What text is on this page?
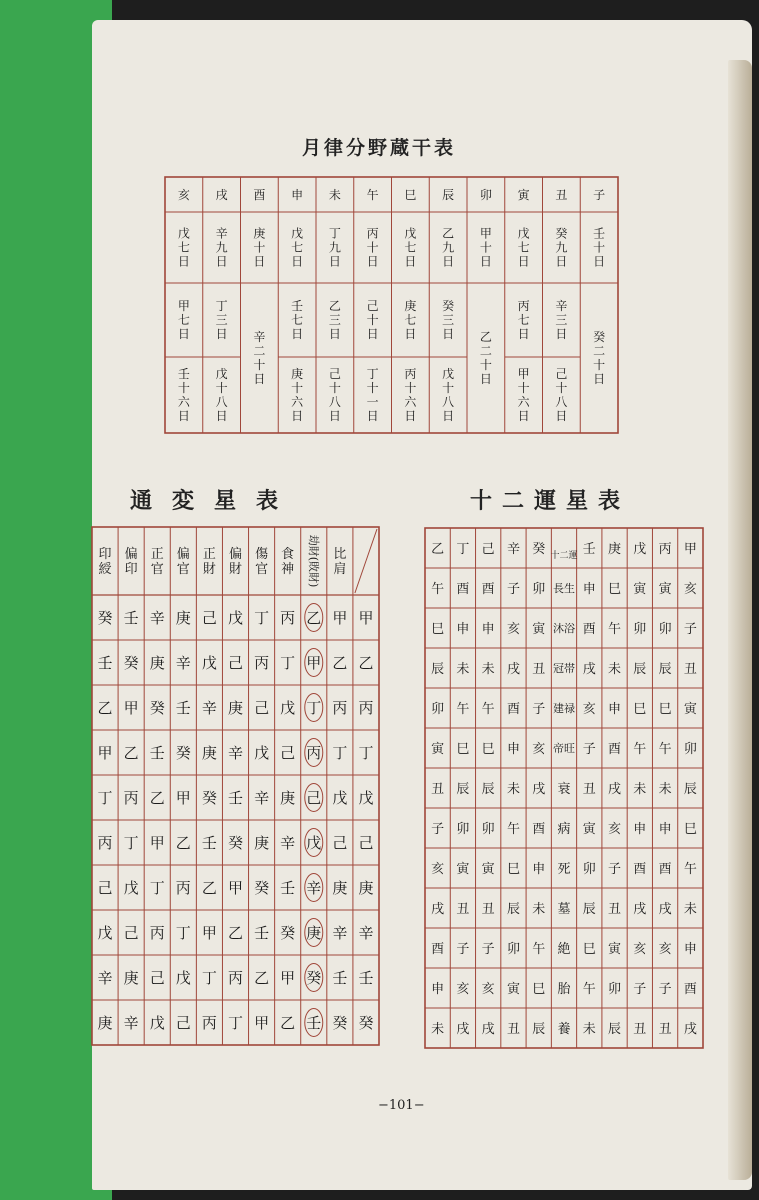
月律分野蔵干表
通変星表	十二運星表
−101−
亥
戊七日
甲七日
壬十六日
戌
辛九日
丁三日
戊十八日
酉
庚十日
辛二十日
申
戊七日
壬七日
庚十六日
未
丁九日
乙三日
己十八日
午
丙十日
己十日
丁十一日
巳
戊七日
庚七日
丙十六日
辰
乙九日
癸三日
戊十八日
卯
甲十日
乙二十日
寅
戊七日
丙七日
甲十六日
丑
癸九日
辛三日
己十八日
子
壬十日
癸二十日
印綬
偏印
正官
偏官
正財
偏財
傷官
食神 劫財(敗財) 比肩
癸 壬 辛 庚 己 戊 丁 丙 乙 甲 甲
壬 癸 庚 辛 戊 己 丙 丁 甲 乙 乙
乙 甲 癸 壬 辛 庚 己 戊 丁 丙 丙
甲 乙 壬 癸 庚 辛 戊 己 丙 丁 丁
丁 丙 乙 甲 癸 壬 辛 庚 己 戊 戊
丙 丁 甲 乙 壬 癸 庚 辛 戊 己 己
己 戊 丁 丙 乙 甲 癸 壬 辛 庚 庚
戊 己 丙 丁 甲 乙 壬 癸 庚 辛 辛
辛 庚 己 戊 丁 丙 乙 甲 癸 壬 壬
庚 辛 戊 己 丙 丁 甲 乙 壬 癸 癸
乙 丁 己 辛 癸 十二運 壬 庚 戊 丙 甲
午 酉 酉 子 卯 長生 申 巳 寅 寅 亥
巳 申 申 亥 寅 沐浴 酉 午 卯 卯 子
辰 未 未 戌 丑 冠帯 戌 未 辰 辰 丑
卯 午 午 酉 子 建禄 亥 申 巳 巳 寅
寅 巳 巳 申 亥 帝旺 子 酉 午 午 卯
丑 辰 辰 未 戌 衰 丑 戌 未 未 辰
子 卯 卯 午 酉 病 寅 亥 申 申 巳
亥 寅 寅 巳 申 死 卯 子 酉 酉 午
戌 丑 丑 辰 未 墓 辰 丑 戌 戌 未
酉 子 子 卯 午 絶 巳 寅 亥 亥 申
申 亥 亥 寅 巳 胎 午 卯 子 子 酉
未 戌 戌 丑 辰 養 未 辰 丑 丑 戌
